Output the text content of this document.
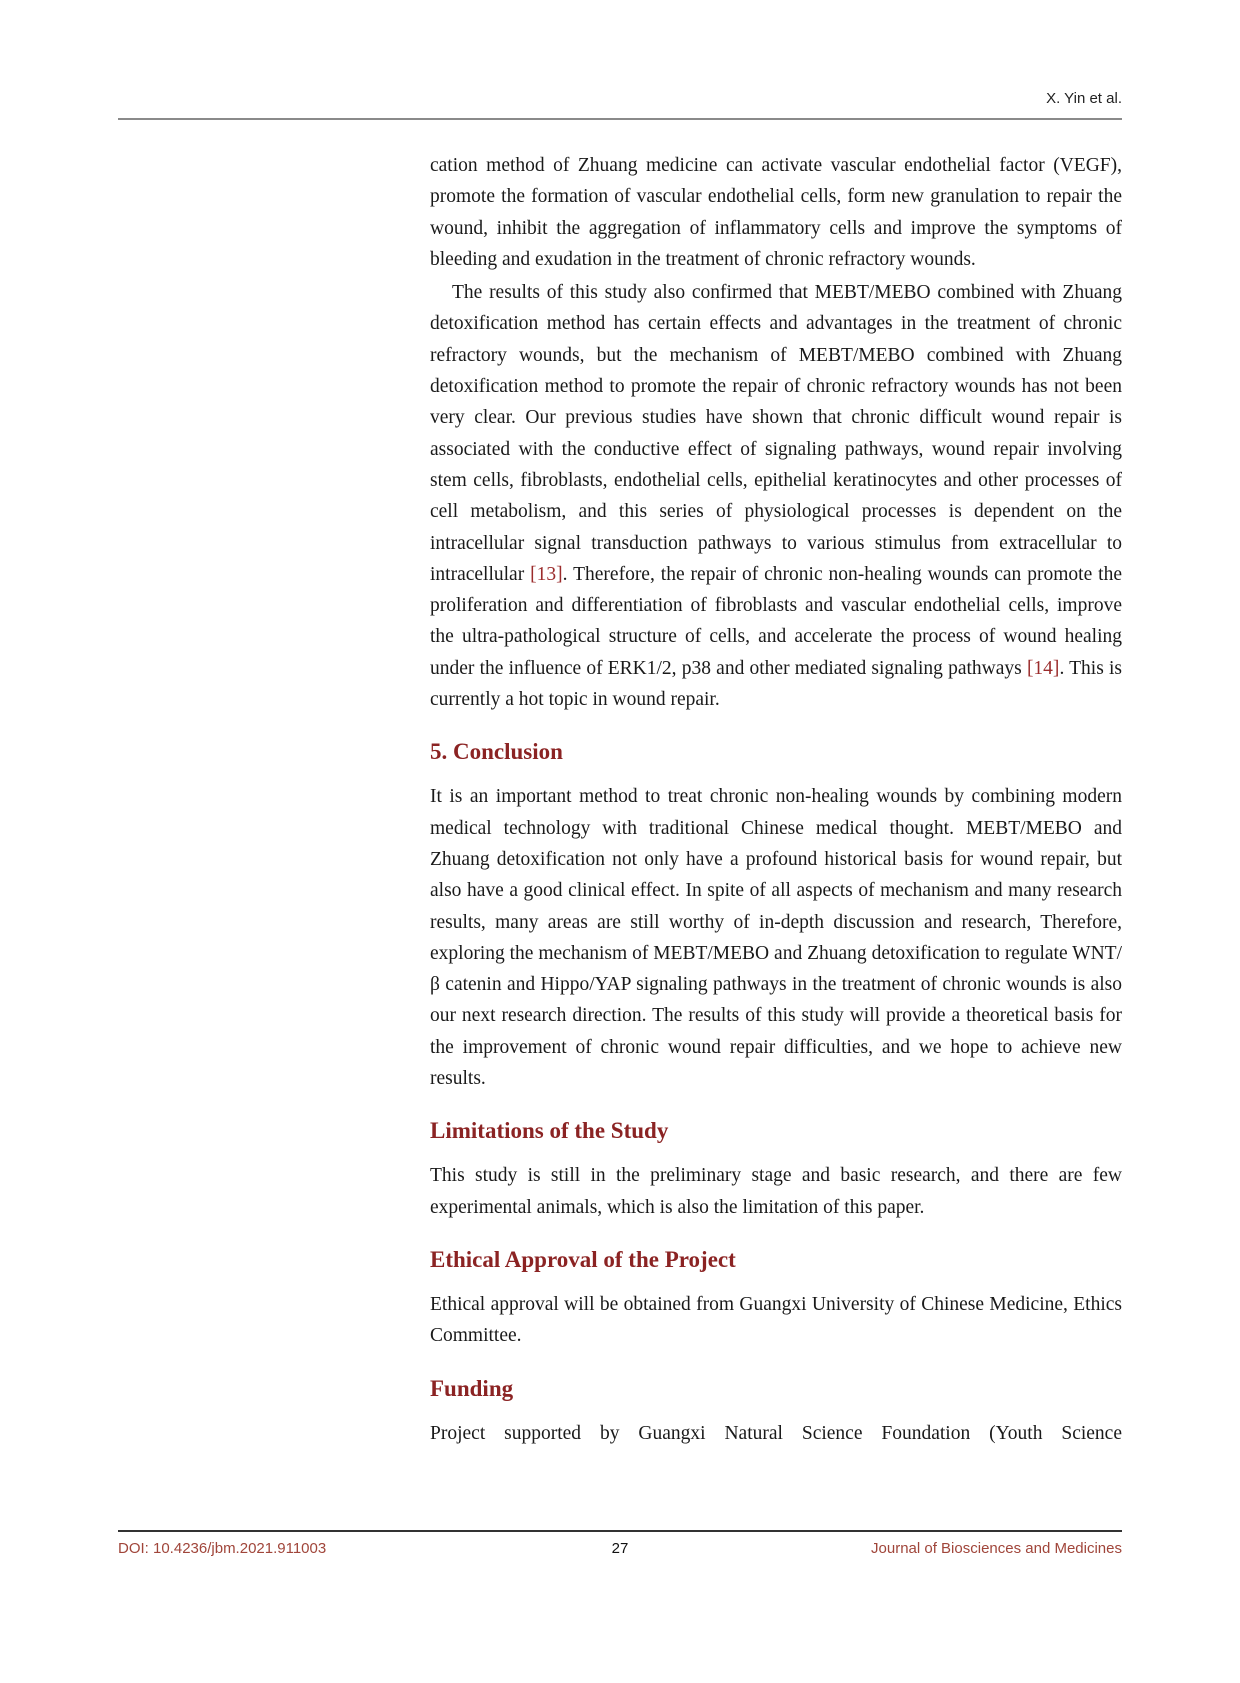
X. Yin et al.

cation method of Zhuang medicine can activate vascular endothelial factor (VEGF), promote the formation of vascular endothelial cells, form new granulation to repair the wound, inhibit the aggregation of inflammatory cells and improve the symptoms of bleeding and exudation in the treatment of chronic refractory wounds.

The results of this study also confirmed that MEBT/MEBO combined with Zhuang detoxification method has certain effects and advantages in the treatment of chronic refractory wounds, but the mechanism of MEBT/MEBO combined with Zhuang detoxification method to promote the repair of chronic refractory wounds has not been very clear. Our previous studies have shown that chronic difficult wound repair is associated with the conductive effect of signaling pathways, wound repair involving stem cells, fibroblasts, endothelial cells, epithelial keratinocytes and other processes of cell metabolism, and this series of physiological processes is dependent on the intracellular signal transduction pathways to various stimulus from extracellular to intracellular [13]. Therefore, the repair of chronic non-healing wounds can promote the proliferation and differentiation of fibroblasts and vascular endothelial cells, improve the ultra-pathological structure of cells, and accelerate the process of wound healing under the influence of ERK1/2, p38 and other mediated signaling pathways [14]. This is currently a hot topic in wound repair.

5. Conclusion

It is an important method to treat chronic non-healing wounds by combining modern medical technology with traditional Chinese medical thought. MEBT/MEBO and Zhuang detoxification not only have a profound historical basis for wound repair, but also have a good clinical effect. In spite of all aspects of mechanism and many research results, many areas are still worthy of in-depth discussion and research, Therefore, exploring the mechanism of MEBT/MEBO and Zhuang detoxification to regulate WNT/β catenin and Hippo/YAP signaling pathways in the treatment of chronic wounds is also our next research direction. The results of this study will provide a theoretical basis for the improvement of chronic wound repair difficulties, and we hope to achieve new results.

Limitations of the Study

This study is still in the preliminary stage and basic research, and there are few experimental animals, which is also the limitation of this paper.

Ethical Approval of the Project

Ethical approval will be obtained from Guangxi University of Chinese Medicine, Ethics Committee.

Funding

Project supported by Guangxi Natural Science Foundation (Youth Science

DOI: 10.4236/jbm.2021.911003	27	Journal of Biosciences and Medicines
